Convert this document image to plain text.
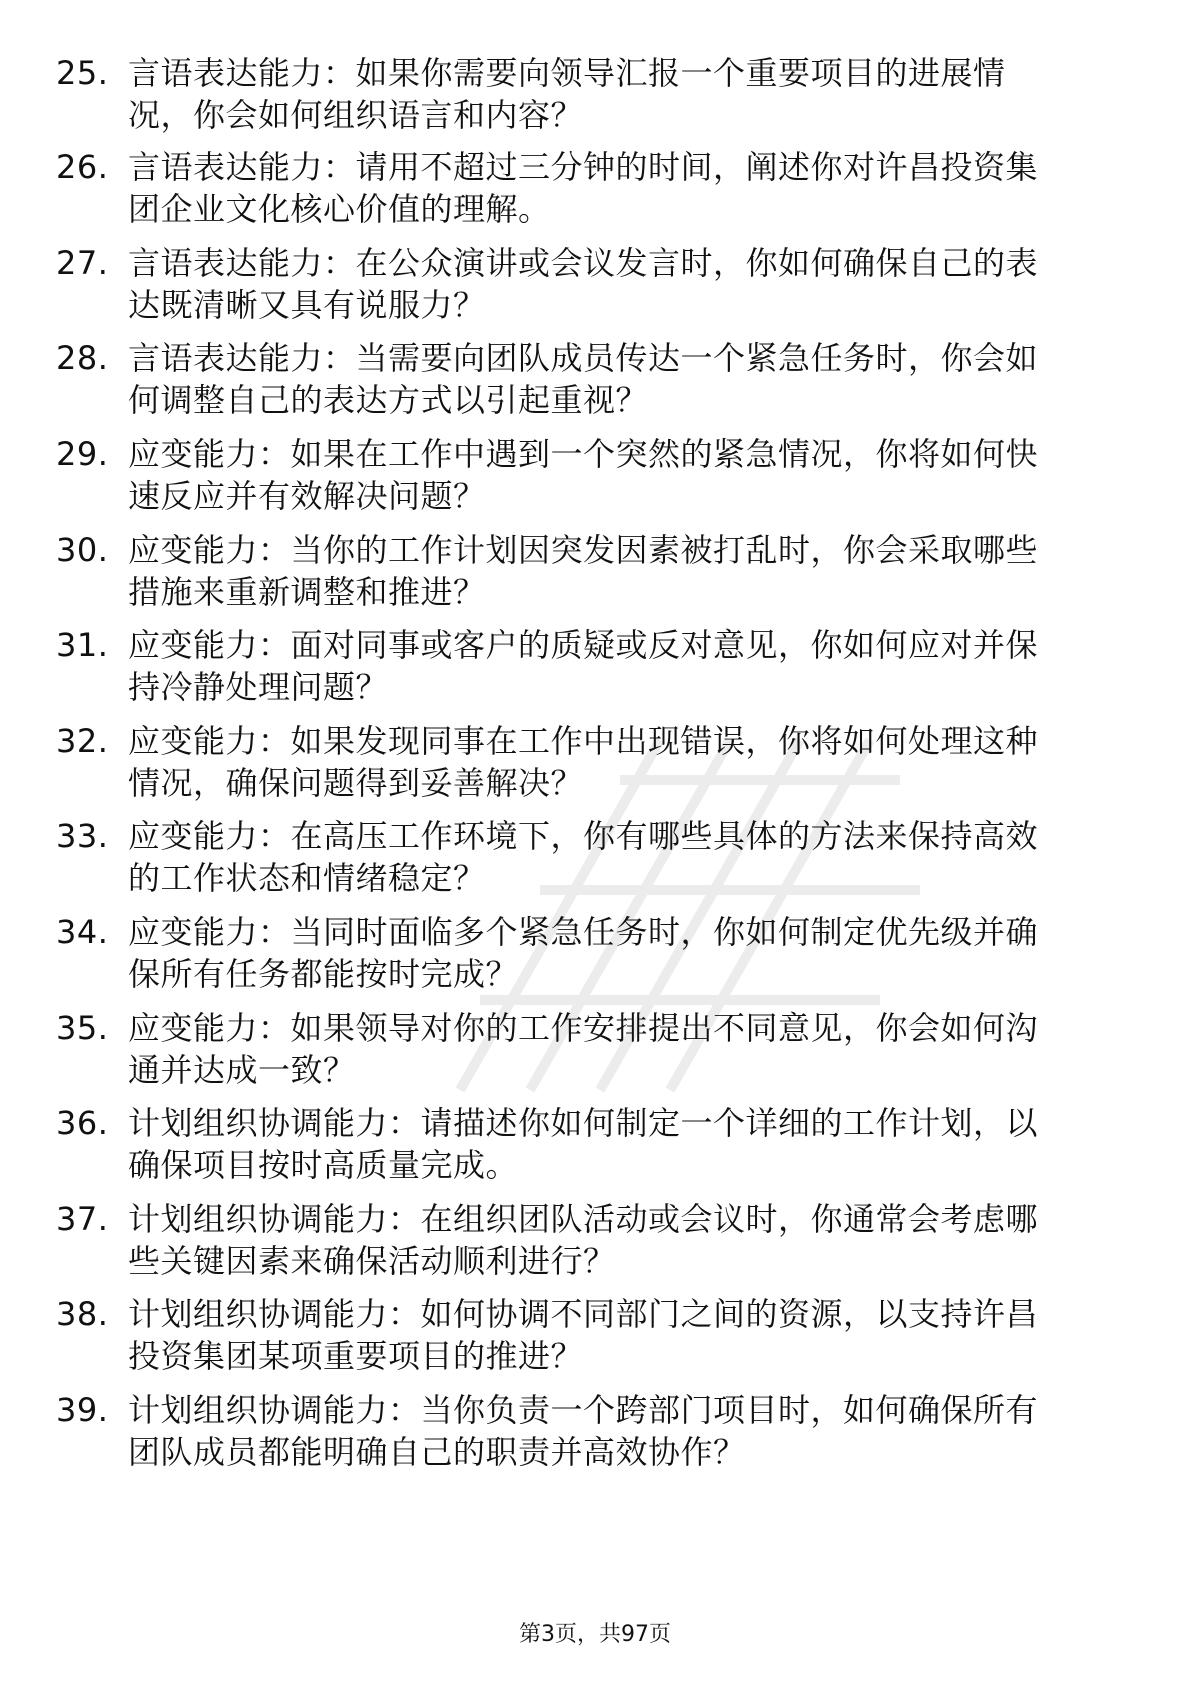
25. 言语表达能力：如果你需要向领导汇报一个重要项目的进展情
况，你会如何组织语言和内容？
26. 言语表达能力：请用不超过三分钟的时间，阐述你对许昌投资集
团企业文化核心价值的理解。
27. 言语表达能力：在公众演讲或会议发言时，你如何确保自己的表
达既清晰又具有说服力？
28. 言语表达能力：当需要向团队成员传达一个紧急任务时，你会如
何调整自己的表达方式以引起重视？
29. 应变能力：如果在工作中遇到一个突然的紧急情况，你将如何快
速反应并有效解决问题？
30. 应变能力：当你的工作计划因突发因素被打乱时，你会采取哪些
措施来重新调整和推进？
31. 应变能力：面对同事或客户的质疑或反对意见，你如何应对并保
持冷静处理问题？
32. 应变能力：如果发现同事在工作中出现错误，你将如何处理这种
情况，确保问题得到妥善解决？
33. 应变能力：在高压工作环境下，你有哪些具体的方法来保持高效
的工作状态和情绪稳定？
34. 应变能力：当同时面临多个紧急任务时，你如何制定优先级并确
保所有任务都能按时完成？
35. 应变能力：如果领导对你的工作安排提出不同意见，你会如何沟
通并达成一致？
36. 计划组织协调能力：请描述你如何制定一个详细的工作计划，以
确保项目按时高质量完成。
37. 计划组织协调能力：在组织团队活动或会议时，你通常会考虑哪
些关键因素来确保活动顺利进行？
38. 计划组织协调能力：如何协调不同部门之间的资源，以支持许昌
投资集团某项重要项目的推进？
39. 计划组织协调能力：当你负责一个跨部门项目时，如何确保所有
团队成员都能明确自己的职责并高效协作？
第3页，共97页
